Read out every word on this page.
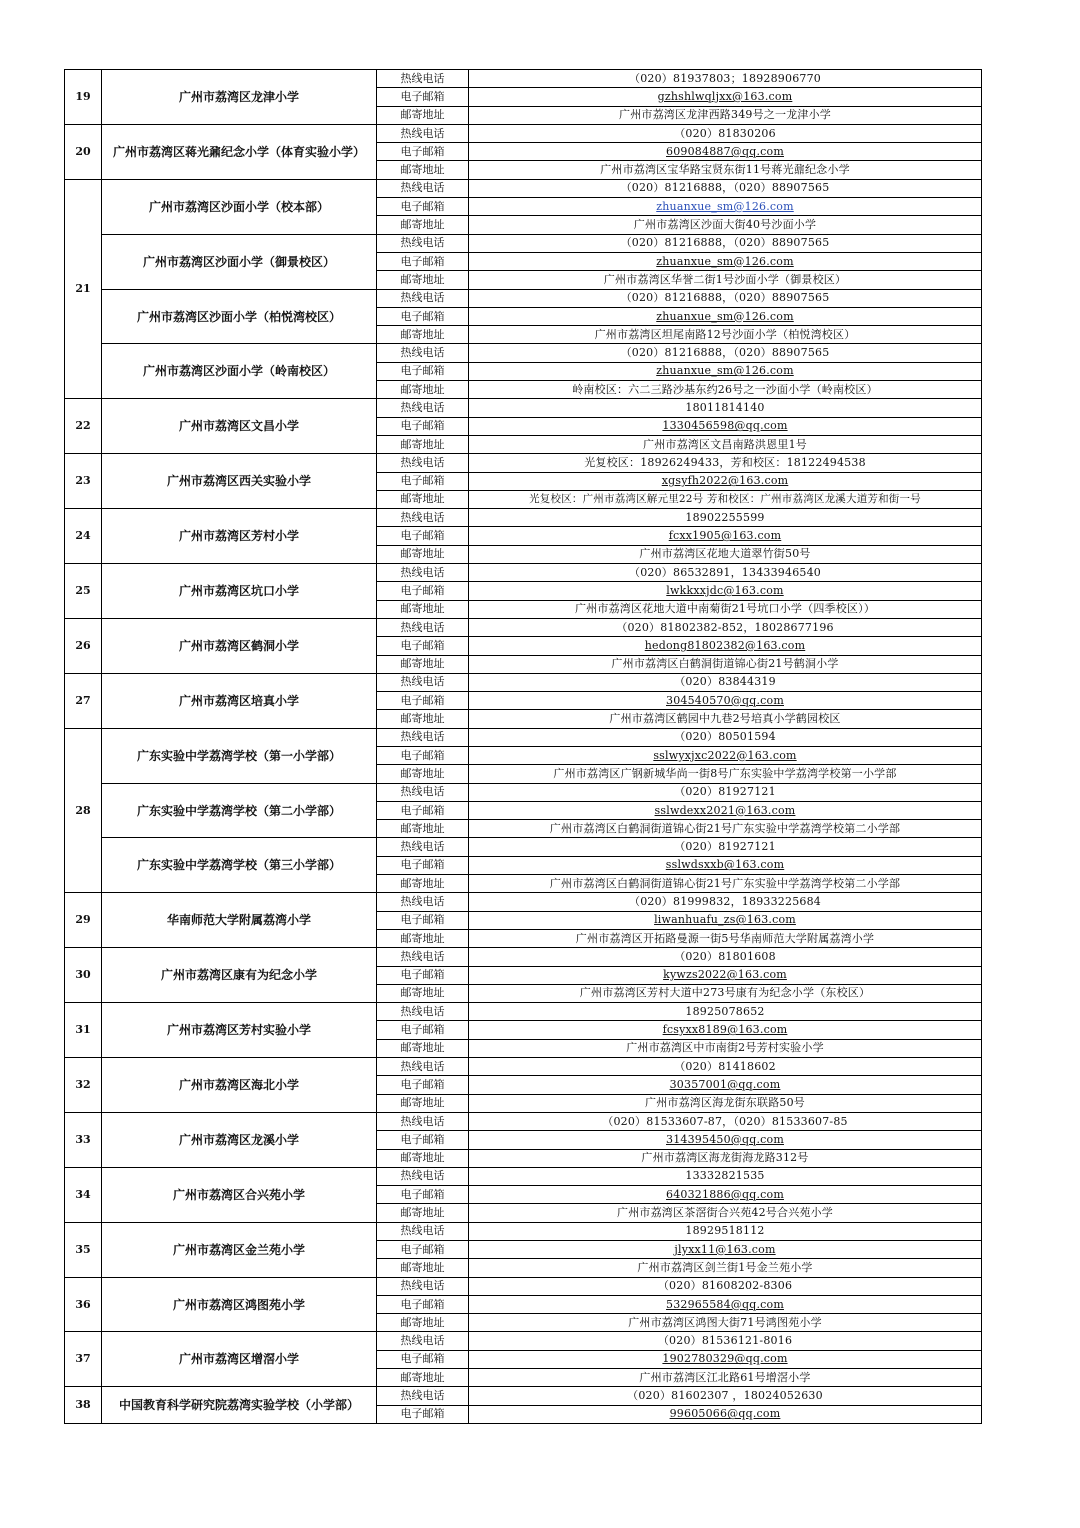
19	广州市荔湾区龙津小学	热线电话	（020）81937803；18928906770
		电子邮箱	gzhshlwqljxx@163.com
		邮寄地址	广州市荔湾区龙津西路349号之一龙津小学
20	广州市荔湾区蒋光鼐纪念小学（体育实验小学）	热线电话	（020）81830206
		电子邮箱	609084887@qq.com
		邮寄地址	广州市荔湾区宝华路宝贤东街11号蒋光鼐纪念小学
21	广州市荔湾区沙面小学（校本部）	热线电话	（020）81216888，（020）88907565
		电子邮箱	zhuanxue_sm@126.com
		邮寄地址	广州市荔湾区沙面大街40号沙面小学
	广州市荔湾区沙面小学（御景校区）	热线电话	（020）81216888，（020）88907565
		电子邮箱	zhuanxue_sm@126.com
		邮寄地址	广州市荔湾区华誉二街1号沙面小学（御景校区）
	广州市荔湾区沙面小学（柏悦湾校区）	热线电话	（020）81216888，（020）88907565
		电子邮箱	zhuanxue_sm@126.com
		邮寄地址	广州市荔湾区坦尾南路12号沙面小学（柏悦湾校区）
	广州市荔湾区沙面小学（岭南校区）	热线电话	（020）81216888，（020）88907565
		电子邮箱	zhuanxue_sm@126.com
		邮寄地址	岭南校区：六二三路沙基东约26号之一沙面小学（岭南校区）
22	广州市荔湾区文昌小学	热线电话	18011814140
		电子邮箱	1330456598@qq.com
		邮寄地址	广州市荔湾区文昌南路洪恩里1号
23	广州市荔湾区西关实验小学	热线电话	光复校区：18926249433，芳和校区：18122494538
		电子邮箱	xgsyfh2022@163.com
		邮寄地址	光复校区：广州市荔湾区解元里22号 芳和校区：广州市荔湾区龙溪大道芳和街一号
24	广州市荔湾区芳村小学	热线电话	18902255599
		电子邮箱	fcxx1905@163.com
		邮寄地址	广州市荔湾区花地大道翠竹街50号
25	广州市荔湾区坑口小学	热线电话	（020）86532891，13433946540
		电子邮箱	lwkkxxjdc@163.com
		邮寄地址	广州市荔湾区花地大道中南菊街21号坑口小学（四季校区））
26	广州市荔湾区鹤洞小学	热线电话	（020）81802382-852，18028677196
		电子邮箱	hedong81802382@163.com
		邮寄地址	广州市荔湾区白鹤洞街道锦心街21号鹤洞小学
27	广州市荔湾区培真小学	热线电话	（020）83844319
		电子邮箱	304540570@qq.com
		邮寄地址	广州市荔湾区鹤园中九巷2号培真小学鹤园校区
28	广东实验中学荔湾学校（第一小学部）	热线电话	（020）80501594
		电子邮箱	sslwyxjxc2022@163.com
		邮寄地址	广州市荔湾区广钢新城华尚一街8号广东实验中学荔湾学校第一小学部
	广东实验中学荔湾学校（第二小学部）	热线电话	（020）81927121
		电子邮箱	sslwdexx2021@163.com
		邮寄地址	广州市荔湾区白鹤洞街道锦心街21号广东实验中学荔湾学校第二小学部
	广东实验中学荔湾学校（第三小学部）	热线电话	（020）81927121
		电子邮箱	sslwdsxxb@163.com
		邮寄地址	广州市荔湾区白鹤洞街道锦心街21号广东实验中学荔湾学校第二小学部
29	华南师范大学附属荔湾小学	热线电话	（020）81999832，18933225684
		电子邮箱	liwanhuafu_zs@163.com
		邮寄地址	广州市荔湾区开拓路曼源一街5号华南师范大学附属荔湾小学
30	广州市荔湾区康有为纪念小学	热线电话	（020）81801608
		电子邮箱	kywzs2022@163.com
		邮寄地址	广州市荔湾区芳村大道中273号康有为纪念小学（东校区）
31	广州市荔湾区芳村实验小学	热线电话	18925078652
		电子邮箱	fcsyxx8189@163.com
		邮寄地址	广州市荔湾区中市南街2号芳村实验小学
32	广州市荔湾区海北小学	热线电话	（020）81418602
		电子邮箱	30357001@qq.com
		邮寄地址	广州市荔湾区海龙街东联路50号
33	广州市荔湾区龙溪小学	热线电话	（020）81533607-87，（020）81533607-85
		电子邮箱	314395450@qq.com
		邮寄地址	广州市荔湾区海龙街海龙路312号
34	广州市荔湾区合兴苑小学	热线电话	13332821535
		电子邮箱	640321886@qq.com
		邮寄地址	广州市荔湾区茶滘街合兴苑42号合兴苑小学
35	广州市荔湾区金兰苑小学	热线电话	18929518112
		电子邮箱	jlyxx11@163.com
		邮寄地址	广州市荔湾区剑兰街1号金兰苑小学
36	广州市荔湾区鸿图苑小学	热线电话	（020）81608202-8306
		电子邮箱	532965584@qq.com
		邮寄地址	广州市荔湾区鸿图大街71号鸿图苑小学
37	广州市荔湾区增滘小学	热线电话	（020）81536121-8016
		电子邮箱	1902780329@qq.com
		邮寄地址	广州市荔湾区江北路61号增滘小学
38	中国教育科学研究院荔湾实验学校（小学部）	热线电话	（020）81602307 ，18024052630
		电子邮箱	99605066@qq.com
